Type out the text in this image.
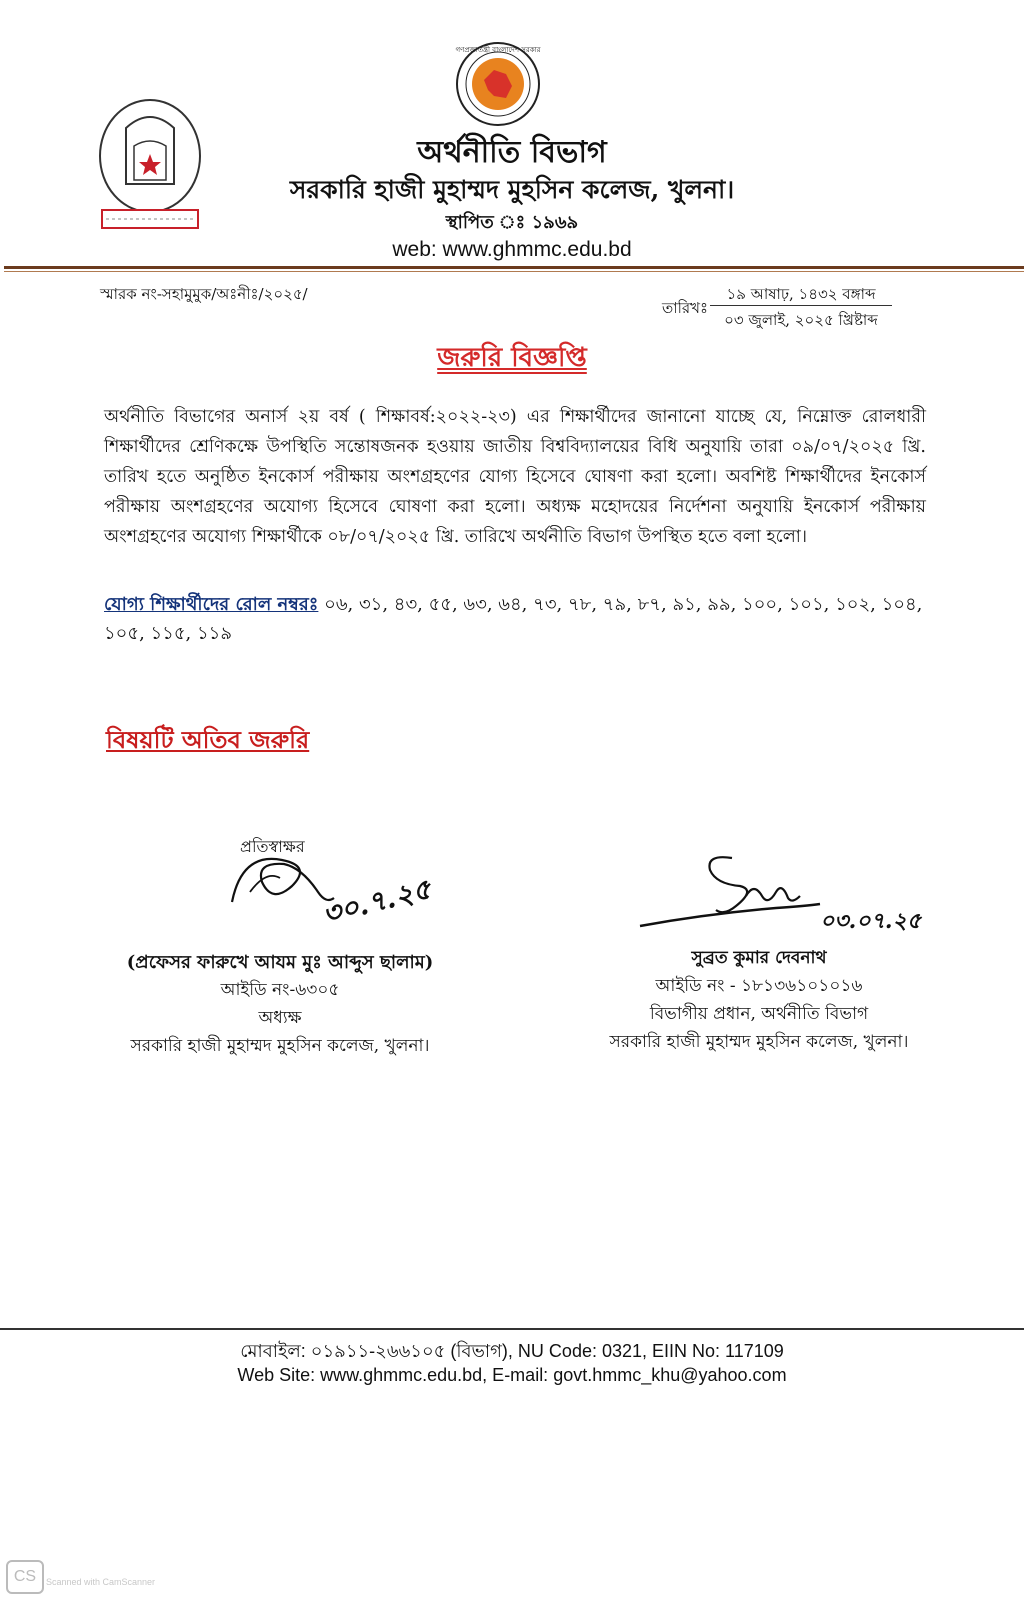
গণপ্রজাতন্ত্রী বাংলাদেশ সরকার
অর্থনীতি বিভাগ
সরকারি হাজী মুহাম্মদ মুহসিন কলেজ, খুলনা।
স্থাপিত ঃ ১৯৬৯
web: www.ghmmc.edu.bd
স্মারক নং-সহামুমুক/অঃনীঃ/২০২৫/
তারিখঃ
১৯ আষাঢ়, ১৪৩২ বঙ্গাব্দ
০৩ জুলাই, ২০২৫ খ্রিষ্টাব্দ
জরুরি বিজ্ঞপ্তি
অর্থনীতি বিভাগের অনার্স ২য় বর্ষ ( শিক্ষাবর্ষ:২০২২-২৩) এর শিক্ষার্থীদের জানানো যাচ্ছে যে, নিম্নোক্ত রোলধারী শিক্ষার্থীদের শ্রেণিকক্ষে উপস্থিতি সন্তোষজনক হওয়ায় জাতীয় বিশ্ববিদ্যালয়ের বিধি অনুযায়ি তারা ০৯/০৭/২০২৫ খ্রি. তারিখ হতে অনুষ্ঠিত ইনকোর্স পরীক্ষায় অংশগ্রহণের যোগ্য হিসেবে ঘোষণা করা হলো। অবশিষ্ট শিক্ষার্থীদের ইনকোর্স পরীক্ষায় অংশগ্রহণের অযোগ্য হিসেবে ঘোষণা করা হলো। অধ্যক্ষ মহোদয়ের নির্দেশনা অনুযায়ি ইনকোর্স পরীক্ষায় অংশগ্রহণের অযোগ্য শিক্ষার্থীকে ০৮/০৭/২০২৫ খ্রি. তারিখে অর্থনীতি বিভাগ উপস্থিত হতে বলা হলো।
যোগ্য শিক্ষার্থীদের রোল নম্বরঃ ০৬, ৩১, ৪৩, ৫৫, ৬৩, ৬৪, ৭৩, ৭৮, ৭৯, ৮৭, ৯১, ৯৯, ১০০, ১০১, ১০২, ১০৪, ১০৫, ১১৫, ১১৯
বিষয়টি অতিব জরুরি
প্রতিস্বাক্ষর
৩০.৭.২৫
(প্রফেসর ফারুখে আযম মুঃ আব্দুস ছালাম)
আইডি নং-৬৩০৫
অধ্যক্ষ
সরকারি হাজী মুহাম্মদ মুহসিন কলেজ, খুলনা।
০৩.০৭.২৫
সুব্রত কুমার দেবনাথ
আইডি নং - ১৮১৩৬১০১০১৬
বিভাগীয় প্রধান, অর্থনীতি বিভাগ
সরকারি হাজী মুহাম্মদ মুহসিন কলেজ, খুলনা।
মোবাইল: ০১৯১১-২৬৬১০৫ (বিভাগ), NU Code: 0321, EIIN No: 117109
Web Site: www.ghmmc.edu.bd, E-mail: govt.hmmc_khu@yahoo.com
CS	Scanned with CamScanner
